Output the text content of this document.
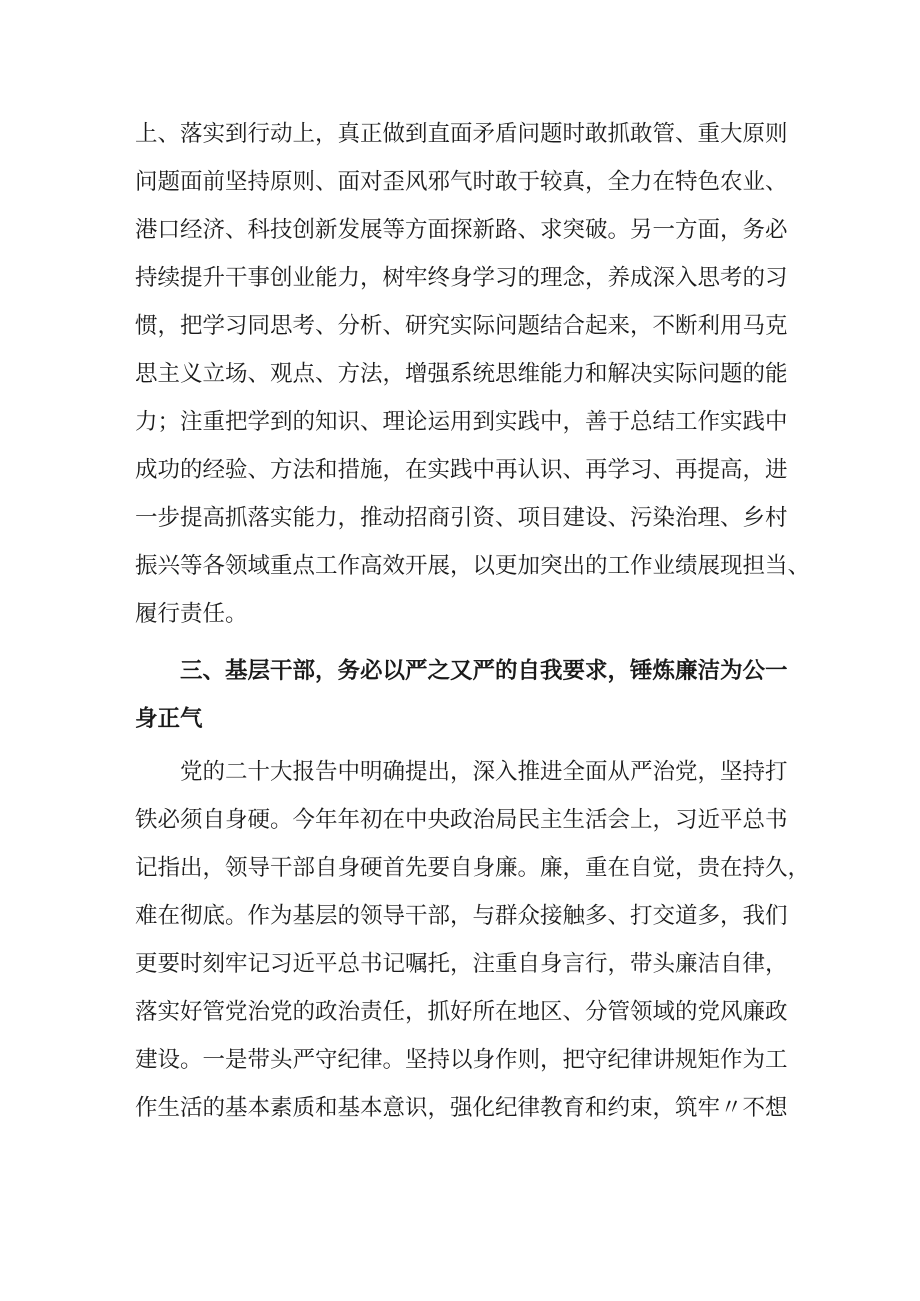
上、落实到行动上，真正做到直面矛盾问题时敢抓敢管、重大原则
问题面前坚持原则、面对歪风邪气时敢于较真，全力在特色农业、
港口经济、科技创新发展等方面探新路、求突破。另一方面，务必
持续提升干事创业能力，树牢终身学习的理念，养成深入思考的习
惯，把学习同思考、分析、研究实际问题结合起来，不断利用马克
思主义立场、观点、方法，增强系统思维能力和解决实际问题的能
力；注重把学到的知识、理论运用到实践中，善于总结工作实践中
成功的经验、方法和措施，在实践中再认识、再学习、再提高，进
一步提高抓落实能力，推动招商引资、项目建设、污染治理、乡村
振兴等各领域重点工作高效开展，以更加突出的工作业绩展现担当、
履行责任。
三、基层干部，务必以严之又严的自我要求，锤炼廉洁为公一
身正气
党的二十大报告中明确提出，深入推进全面从严治党，坚持打
铁必须自身硬。今年年初在中央政治局民主生活会上，习近平总书
记指出，领导干部自身硬首先要自身廉。廉，重在自觉，贵在持久，
难在彻底。作为基层的领导干部，与群众接触多、打交道多，我们
更要时刻牢记习近平总书记嘱托，注重自身言行，带头廉洁自律，
落实好管党治党的政治责任，抓好所在地区、分管领域的党风廉政
建设。一是带头严守纪律。坚持以身作则，把守纪律讲规矩作为工
作生活的基本素质和基本意识，强化纪律教育和约束，筑牢〃不想
